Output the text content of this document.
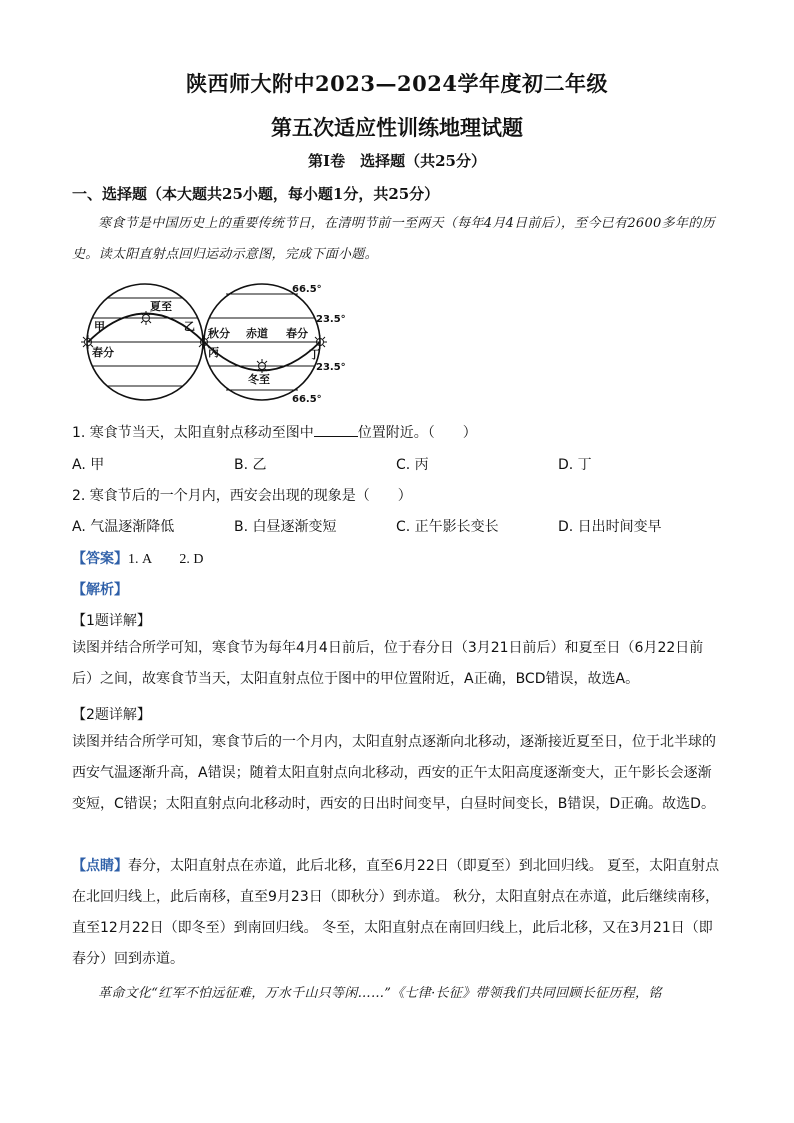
陕西师大附中2023—2024学年度初二年级
第五次适应性训练地理试题
第Ⅰ卷　选择题（共25分）
一、选择题（本大题共25小题，每小题1分，共25分）
寒食节是中国历史上的重要传统节日，在清明节前一至两天（每年4月4日前后），至今已有2600多年的历史。读太阳直射点回归运动示意图，完成下面小题。
甲
夏至
乙
春分
秋分 赤道 春分
丙	丁
冬至
66.5°
23.5°
23.5°
66.5°
1. 寒食节当天，太阳直射点移动至图中	位置附近。（　　）
A. 甲	B. 乙	C. 丙	D. 丁
2. 寒食节后的一个月内，西安会出现的现象是（　　）
A. 气温逐渐降低	B. 白昼逐渐变短	C. 正午影长变长	D. 日出时间变早
【答案】1. A　　2. D
【解析】
【1题详解】
读图并结合所学可知，寒食节为每年4月4日前后，位于春分日（3月21日前后）和夏至日（6月22日前后）之间，故寒食节当天，太阳直射点位于图中的甲位置附近，A正确，BCD错误，故选A。
【2题详解】
读图并结合所学可知，寒食节后的一个月内，太阳直射点逐渐向北移动，逐渐接近夏至日，位于北半球的西安气温逐渐升高，A错误；随着太阳直射点向北移动，西安的正午太阳高度逐渐变大，正午影长会逐渐变短，C错误；太阳直射点向北移动时，西安的日出时间变早，白昼时间变长，B错误，D正确。故选D。
【点睛】春分，太阳直射点在赤道，此后北移，直至6月22日（即夏至）到北回归线。 夏至，太阳直射点在北回归线上，此后南移，直至9月23日（即秋分）到赤道。 秋分，太阳直射点在赤道，此后继续南移，直至12月22日（即冬至）到南回归线。 冬至，太阳直射点在南回归线上，此后北移，又在3月21日（即春分）回到赤道。
革命文化“红军不怕远征难，万水千山只等闲……”《七律·长征》带领我们共同回顾长征历程，铭
